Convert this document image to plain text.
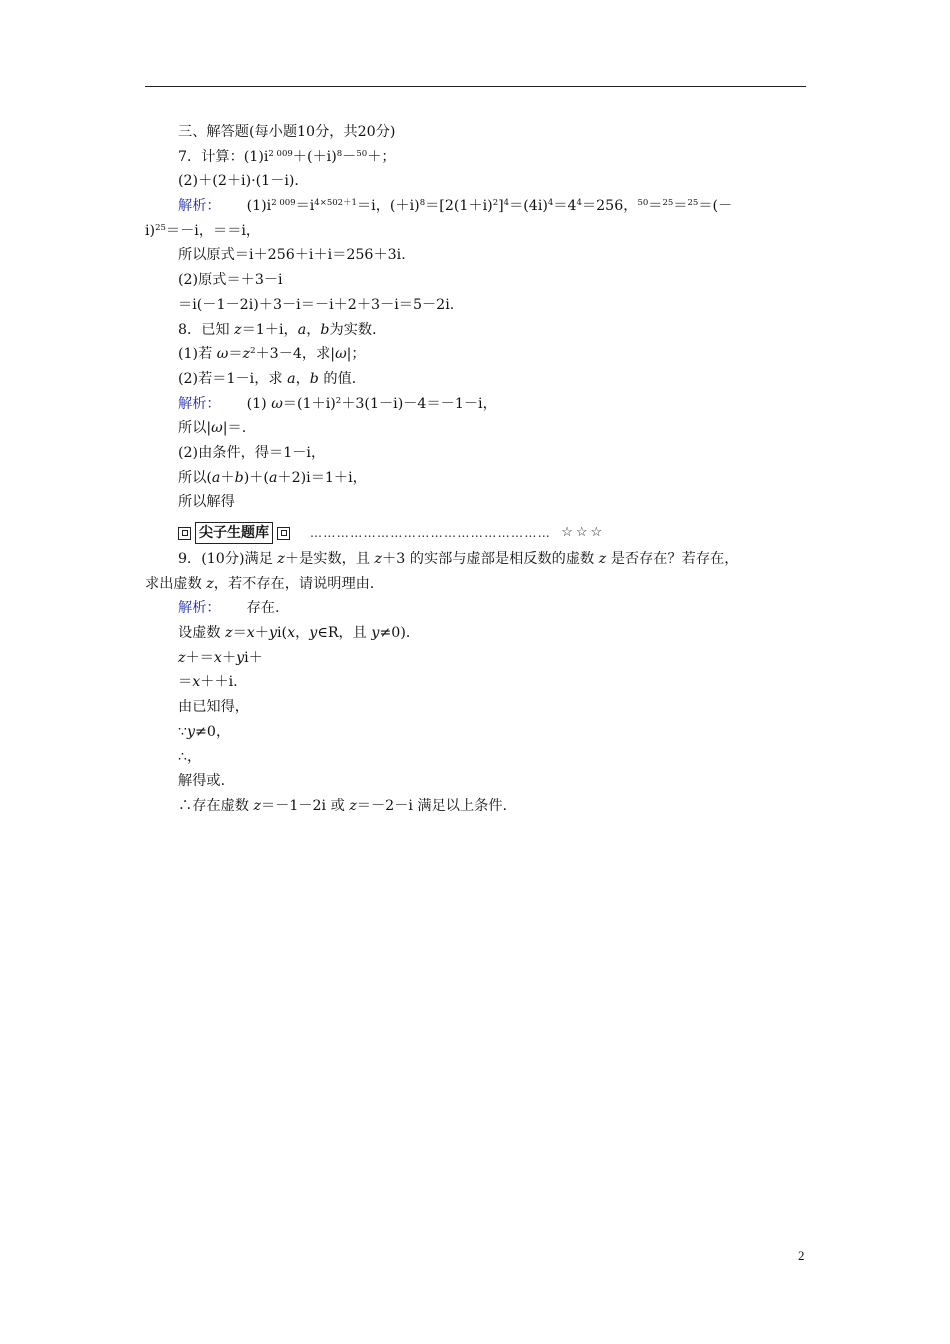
三、解答题(每小题10分，共20分)
7．计算：$(1)i^{2 009}+(+i)^8-^{50}+$；
(2)＋(2＋i)·(1－i)．
解析： $(1)i^{2 009}=i^{4\times 502+1}=i$，$(+i)^8=[2(1+i)^2]^4=(4i)^4=4^4=256$，$^{50}$＝$^{25}$＝$^{25}$＝(－
i)$^{25}$＝－i，＝＝i，
所以原式＝i＋256＋i＋i＝256＋3i.
(2)原式＝＋3－i
＝i(－1－2i)＋3－i＝－i＋2＋3－i＝5－2i.
8．已知 z＝1＋i，a，b为实数．
(1)若 $\omega=z^2+3-4$，求|ω|；
(2)若＝1－i，求 a，b 的值．
解析： (1) $\omega=(1+i)^2+3(1-i)-4=-1-i$，
所以|ω|＝.
(2)由条件，得＝1－i，
所以(a＋b)＋(a＋2)i＝1＋i，
所以解得
尖子生题库	……………………………………………… ☆☆☆
9．(10分)满足 z＋是实数，且 z＋3 的实部与虚部是相反数的虚数 z 是否存在？若存在，
求出虚数 z，若不存在，请说明理由．
解析： 存在.
设虚数 z＝x＋yi(x，y∈R，且 y≠0)．
z＋＝x＋yi＋
＝x＋＋i.
由已知得，
∵y≠0，
∴，
解得或.
∴存在虚数 z＝－1－2i 或 z＝－2－i 满足以上条件.
2
